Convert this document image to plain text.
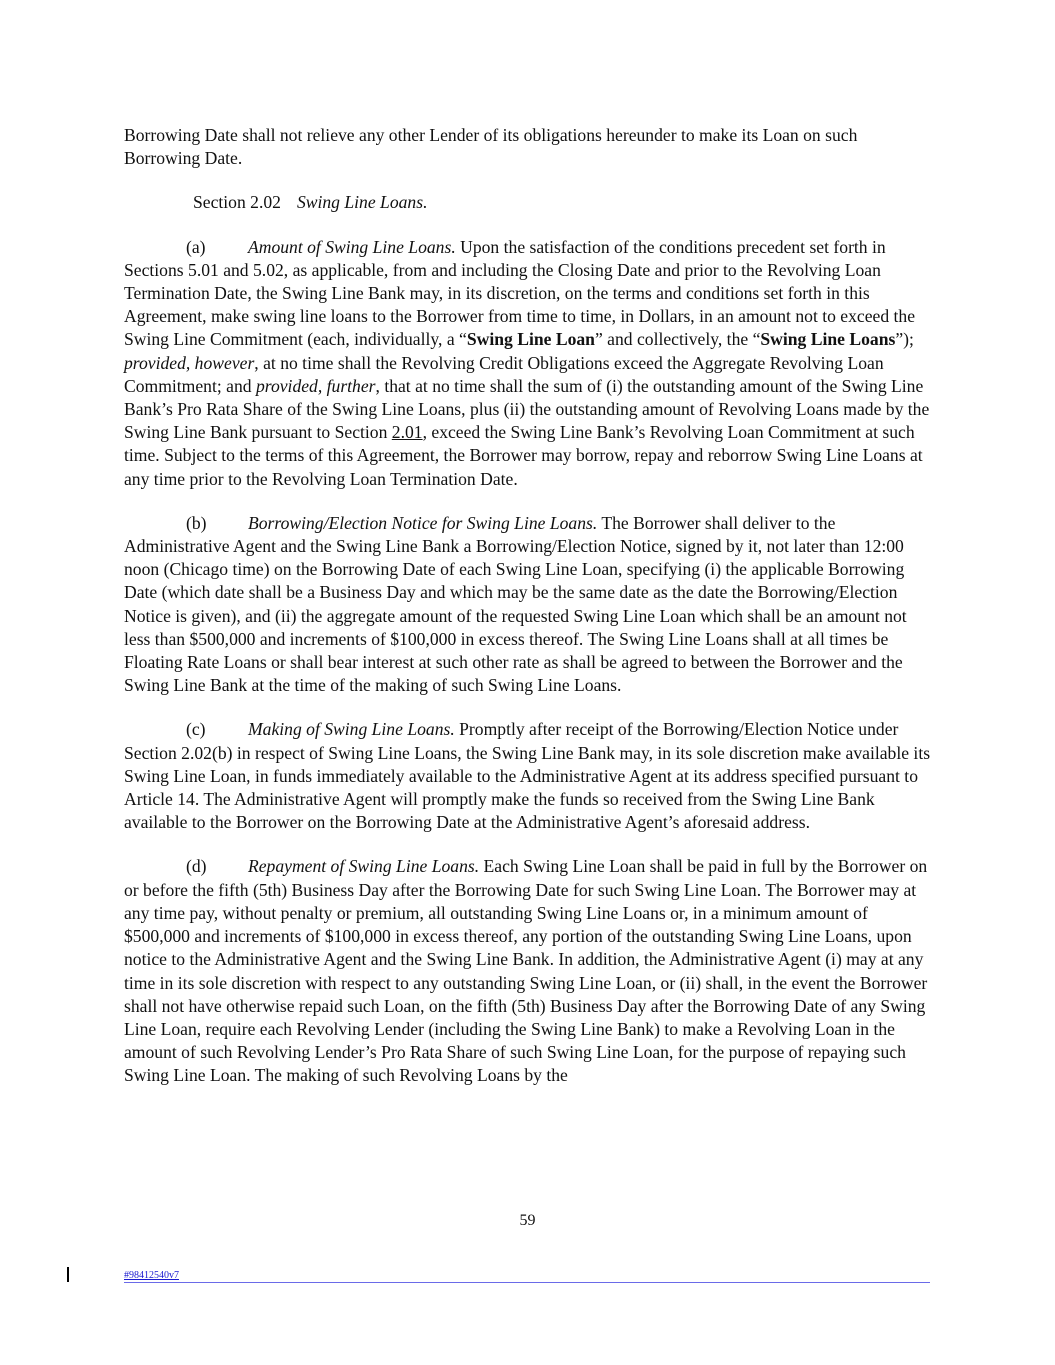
Borrowing Date shall not relieve any other Lender of its obligations hereunder to make its Loan on such Borrowing Date.

Section 2.02 Swing Line Loans.

(a) Amount of Swing Line Loans. Upon the satisfaction of the conditions precedent set forth in Sections 5.01 and 5.02, as applicable, from and including the Closing Date and prior to the Revolving Loan Termination Date, the Swing Line Bank may, in its discretion, on the terms and conditions set forth in this Agreement, make swing line loans to the Borrower from time to time, in Dollars, in an amount not to exceed the Swing Line Commitment (each, individually, a “Swing Line Loan” and collectively, the “Swing Line Loans”); provided, however, at no time shall the Revolving Credit Obligations exceed the Aggregate Revolving Loan Commitment; and provided, further, that at no time shall the sum of (i) the outstanding amount of the Swing Line Bank’s Pro Rata Share of the Swing Line Loans, plus (ii) the outstanding amount of Revolving Loans made by the Swing Line Bank pursuant to Section 2.01, exceed the Swing Line Bank’s Revolving Loan Commitment at such time. Subject to the terms of this Agreement, the Borrower may borrow, repay and reborrow Swing Line Loans at any time prior to the Revolving Loan Termination Date.

(b) Borrowing/Election Notice for Swing Line Loans. The Borrower shall deliver to the Administrative Agent and the Swing Line Bank a Borrowing/Election Notice, signed by it, not later than 12:00 noon (Chicago time) on the Borrowing Date of each Swing Line Loan, specifying (i) the applicable Borrowing Date (which date shall be a Business Day and which may be the same date as the date the Borrowing/Election Notice is given), and (ii) the aggregate amount of the requested Swing Line Loan which shall be an amount not less than $500,000 and increments of $100,000 in excess thereof. The Swing Line Loans shall at all times be Floating Rate Loans or shall bear interest at such other rate as shall be agreed to between the Borrower and the Swing Line Bank at the time of the making of such Swing Line Loans.

(c) Making of Swing Line Loans. Promptly after receipt of the Borrowing/Election Notice under Section 2.02(b) in respect of Swing Line Loans, the Swing Line Bank may, in its sole discretion make available its Swing Line Loan, in funds immediately available to the Administrative Agent at its address specified pursuant to Article 14. The Administrative Agent will promptly make the funds so received from the Swing Line Bank available to the Borrower on the Borrowing Date at the Administrative Agent’s aforesaid address.

(d) Repayment of Swing Line Loans. Each Swing Line Loan shall be paid in full by the Borrower on or before the fifth (5th) Business Day after the Borrowing Date for such Swing Line Loan. The Borrower may at any time pay, without penalty or premium, all outstanding Swing Line Loans or, in a minimum amount of $500,000 and increments of $100,000 in excess thereof, any portion of the outstanding Swing Line Loans, upon notice to the Administrative Agent and the Swing Line Bank. In addition, the Administrative Agent (i) may at any time in its sole discretion with respect to any outstanding Swing Line Loan, or (ii) shall, in the event the Borrower shall not have otherwise repaid such Loan, on the fifth (5th) Business Day after the Borrowing Date of any Swing Line Loan, require each Revolving Lender (including the Swing Line Bank) to make a Revolving Loan in the amount of such Revolving Lender’s Pro Rata Share of such Swing Line Loan, for the purpose of repaying such Swing Line Loan. The making of such Revolving Loans by the

59
#98412540v7
